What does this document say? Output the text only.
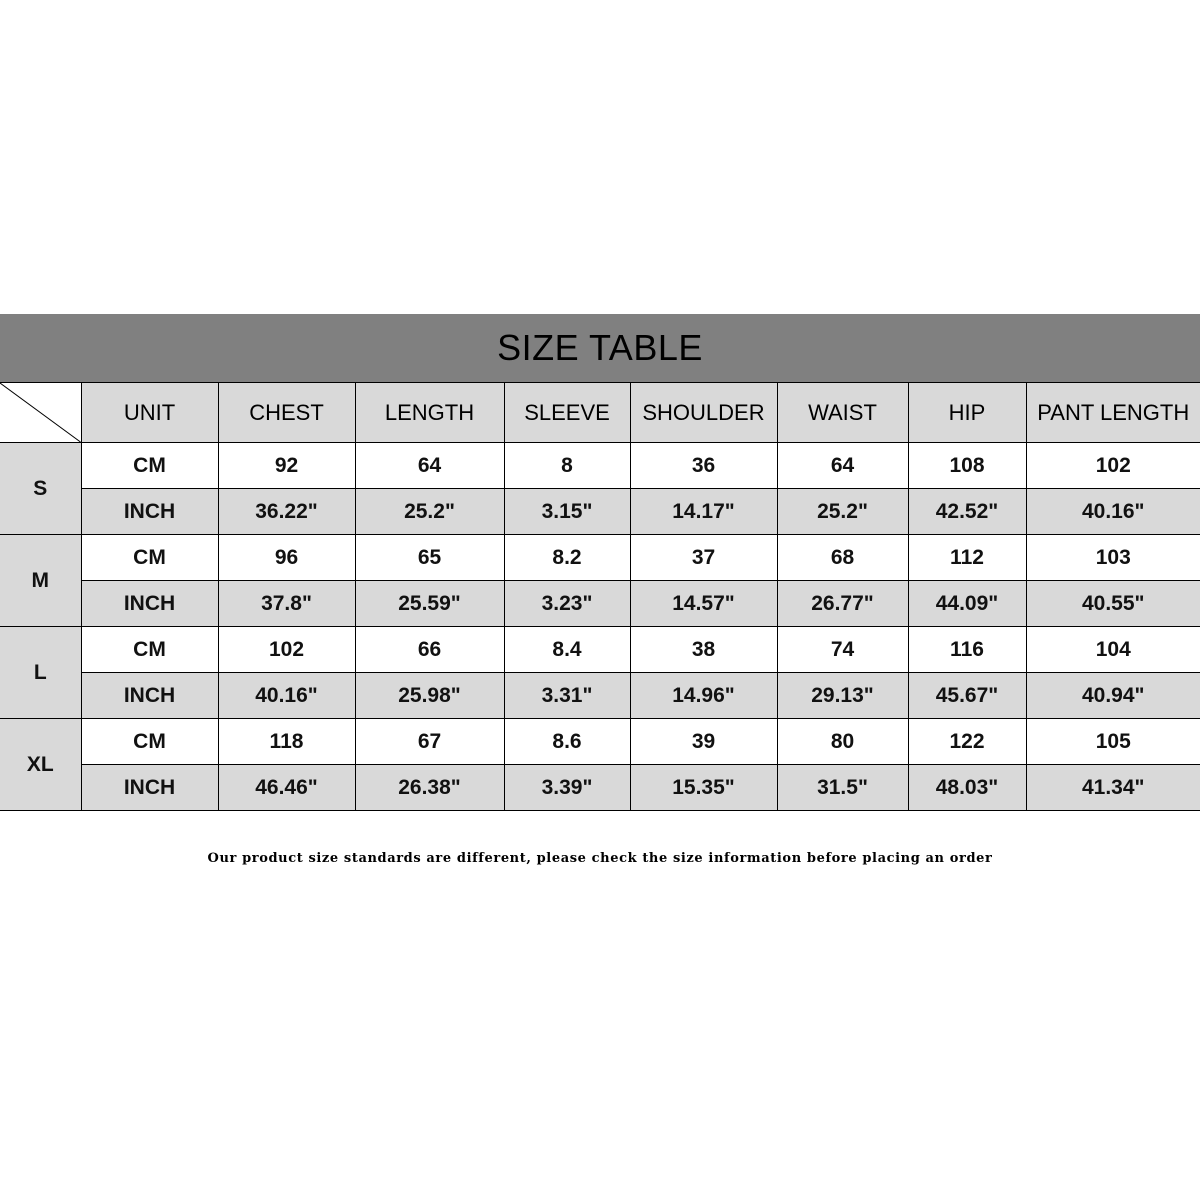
SIZE TABLE
	UNIT	CHEST	LENGTH	SLEEVE	SHOULDER	WAIST	HIP	PANT LENGTH
S	CM	92	64	8	36	64	108	102
	INCH	36.22"	25.2"	3.15"	14.17"	25.2"	42.52"	40.16"
M	CM	96	65	8.2	37	68	112	103
	INCH	37.8"	25.59"	3.23"	14.57"	26.77"	44.09"	40.55"
L	CM	102	66	8.4	38	74	116	104
	INCH	40.16"	25.98"	3.31"	14.96"	29.13"	45.67"	40.94"
XL	CM	118	67	8.6	39	80	122	105
	INCH	46.46"	26.38"	3.39"	15.35"	31.5"	48.03"	41.34"
Our product size standards are different, please check the size information before placing an order
